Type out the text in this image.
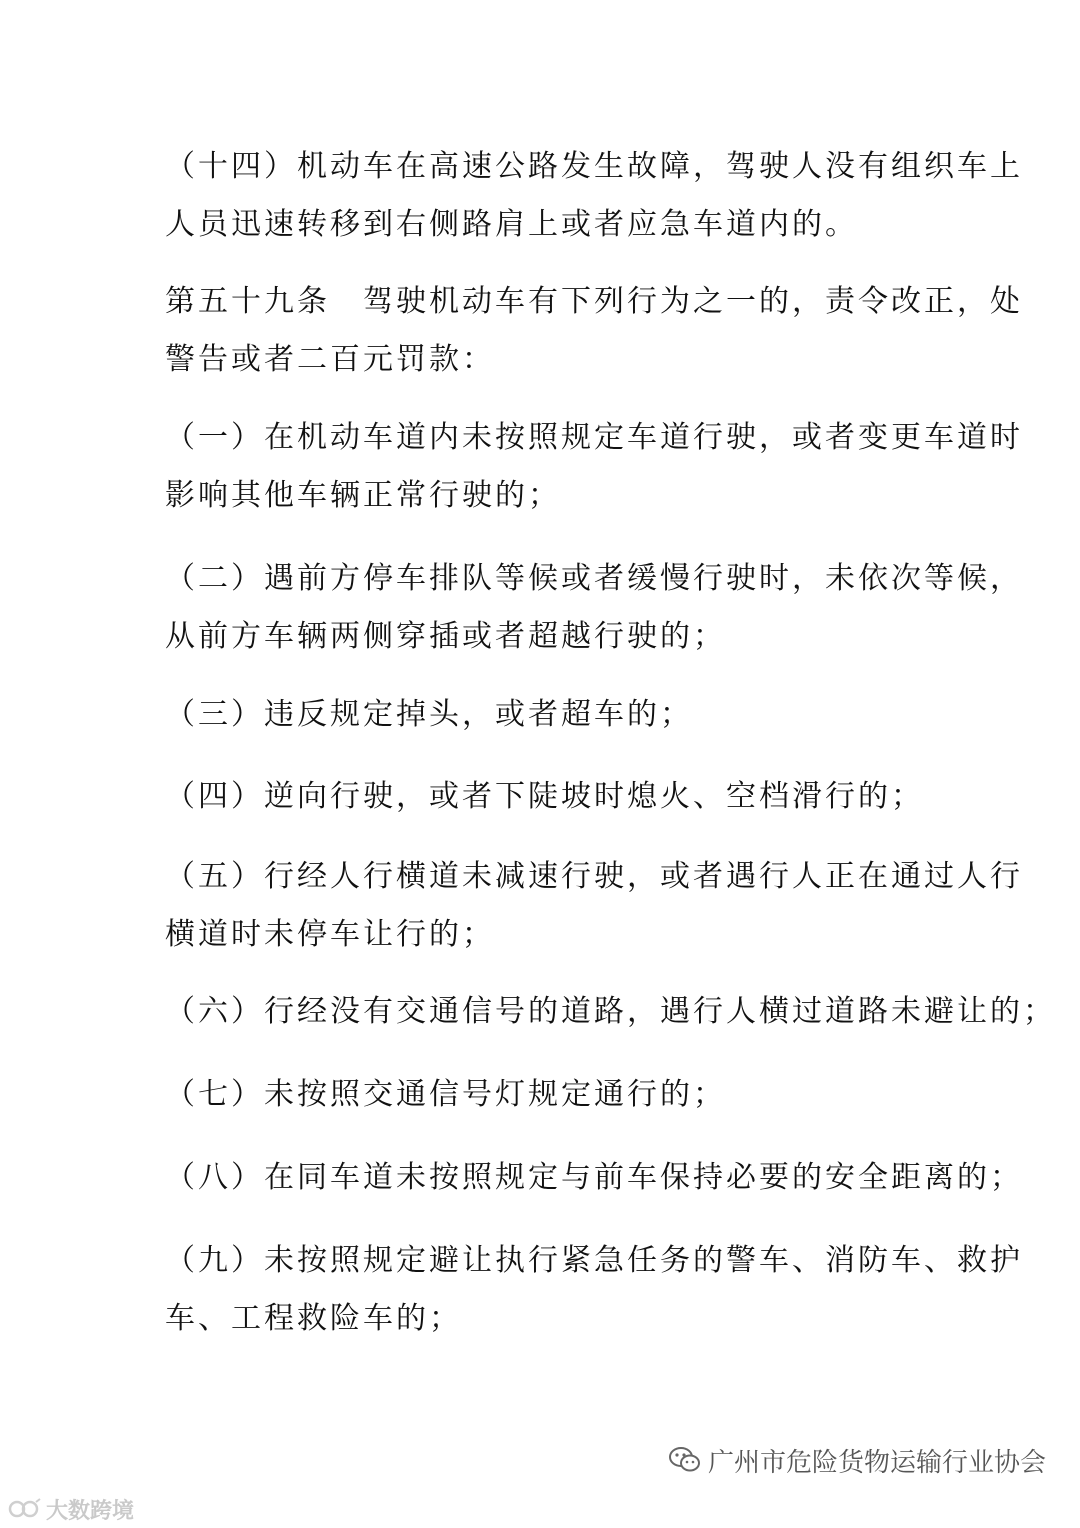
（十四）机动车在高速公路发生故障，驾驶人没有组织车上
人员迅速转移到右侧路肩上或者应急车道内的。

第五十九条　驾驶机动车有下列行为之一的，责令改正，处
警告或者二百元罚款：

（一）在机动车道内未按照规定车道行驶，或者变更车道时
影响其他车辆正常行驶的；

（二）遇前方停车排队等候或者缓慢行驶时，未依次等候，
从前方车辆两侧穿插或者超越行驶的；

（三）违反规定掉头，或者超车的；

（四）逆向行驶，或者下陡坡时熄火、空档滑行的；

（五）行经人行横道未减速行驶，或者遇行人正在通过人行
横道时未停车让行的；

（六）行经没有交通信号的道路，遇行人横过道路未避让的；

（七）未按照交通信号灯规定通行的；

（八）在同车道未按照规定与前车保持必要的安全距离的；

（九）未按照规定避让执行紧急任务的警车、消防车、救护
车、工程救险车的；

广州市危险货物运输行业协会
大数跨境
